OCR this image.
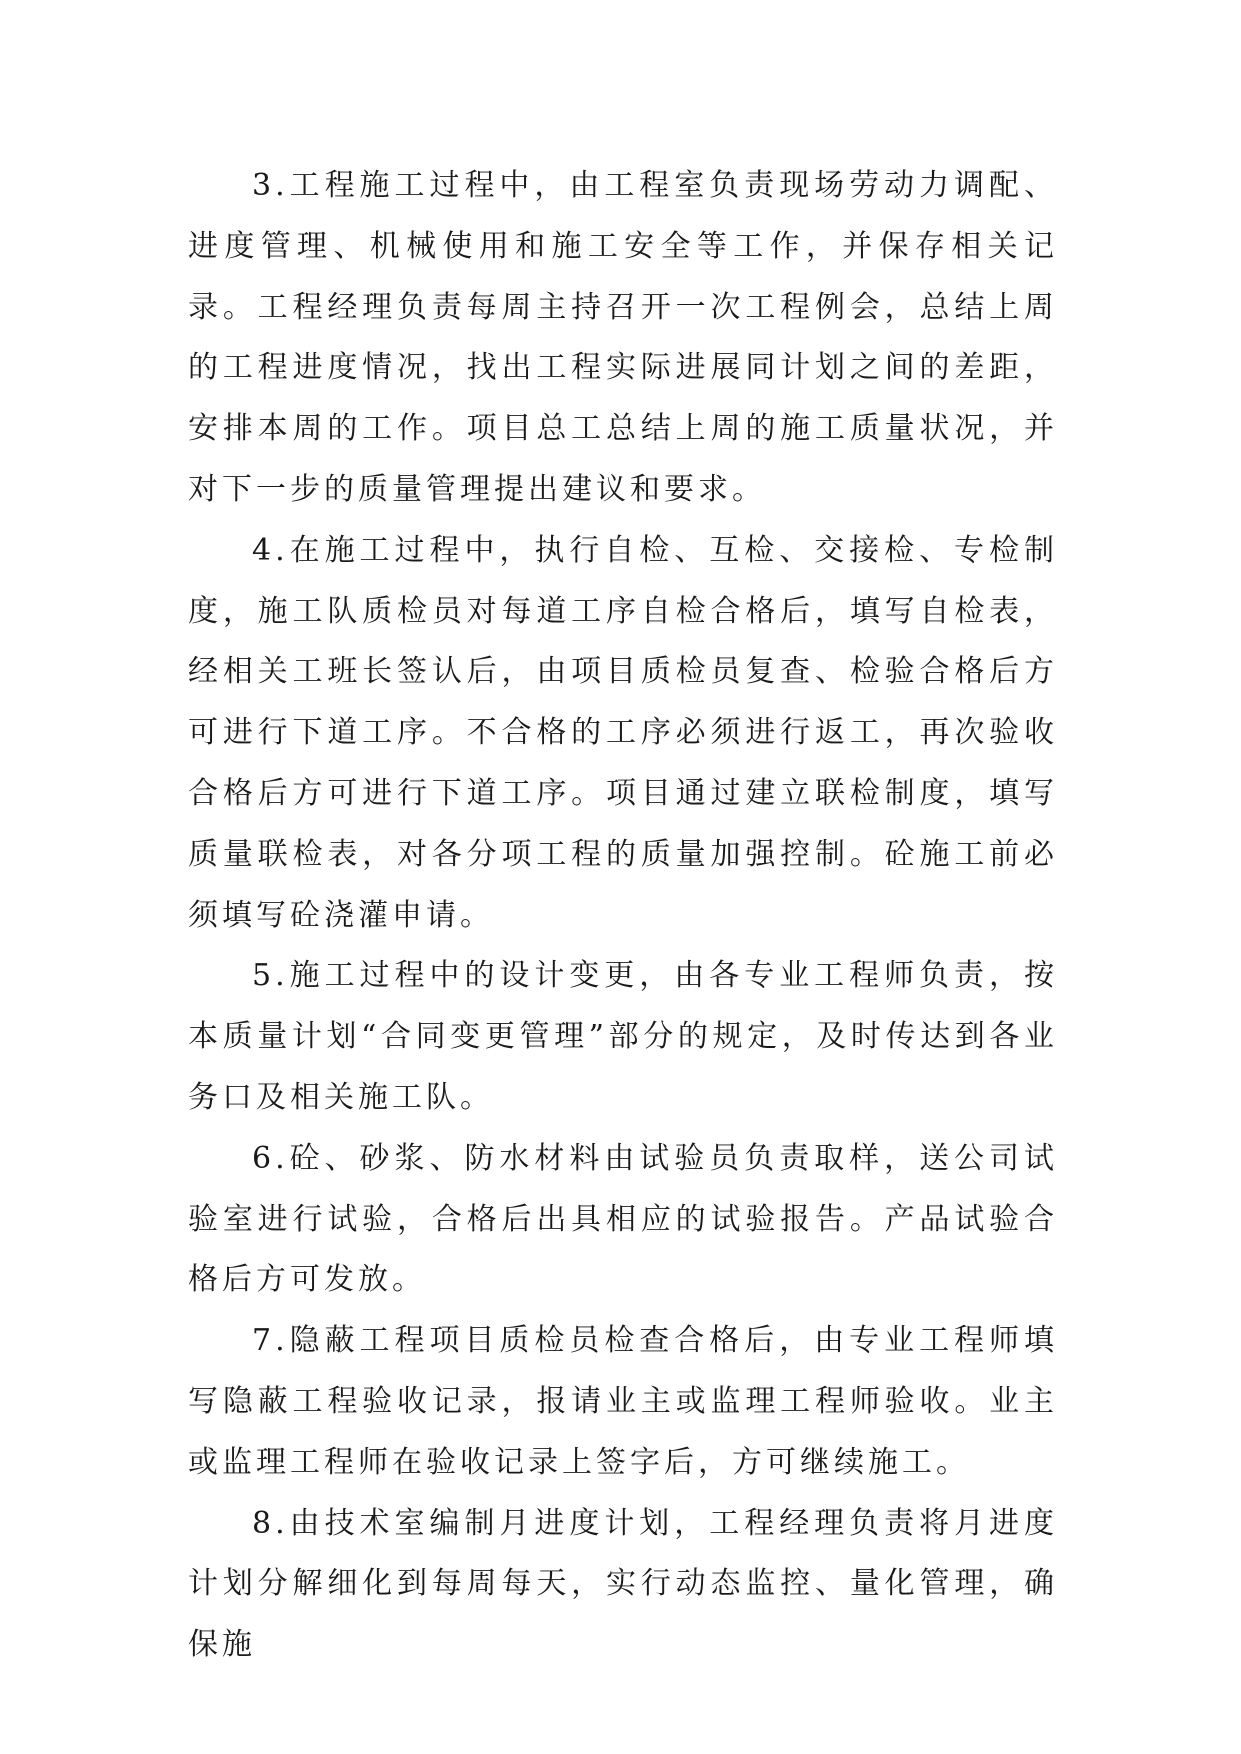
3.工程施工过程中，由工程室负责现场劳动力调配、进度管理、机械使用和施工安全等工作，并保存相关记录。工程经理负责每周主持召开一次工程例会，总结上周的工程进度情况，找出工程实际进展同计划之间的差距，安排本周的工作。项目总工总结上周的施工质量状况，并对下一步的质量管理提出建议和要求。

4.在施工过程中，执行自检、互检、交接检、专检制度，施工队质检员对每道工序自检合格后，填写自检表，经相关工班长签认后，由项目质检员复查、检验合格后方可进行下道工序。不合格的工序必须进行返工，再次验收合格后方可进行下道工序。项目通过建立联检制度，填写质量联检表，对各分项工程的质量加强控制。砼施工前必须填写砼浇灌申请。

5.施工过程中的设计变更，由各专业工程师负责，按本质量计划“合同变更管理”部分的规定，及时传达到各业务口及相关施工队。

6.砼、砂浆、防水材料由试验员负责取样，送公司试验室进行试验，合格后出具相应的试验报告。产品试验合格后方可发放。

7.隐蔽工程项目质检员检查合格后，由专业工程师填写隐蔽工程验收记录，报请业主或监理工程师验收。业主或监理工程师在验收记录上签字后，方可继续施工。

8.由技术室编制月进度计划，工程经理负责将月进度计划分解细化到每周每天，实行动态监控、量化管理，确保施
